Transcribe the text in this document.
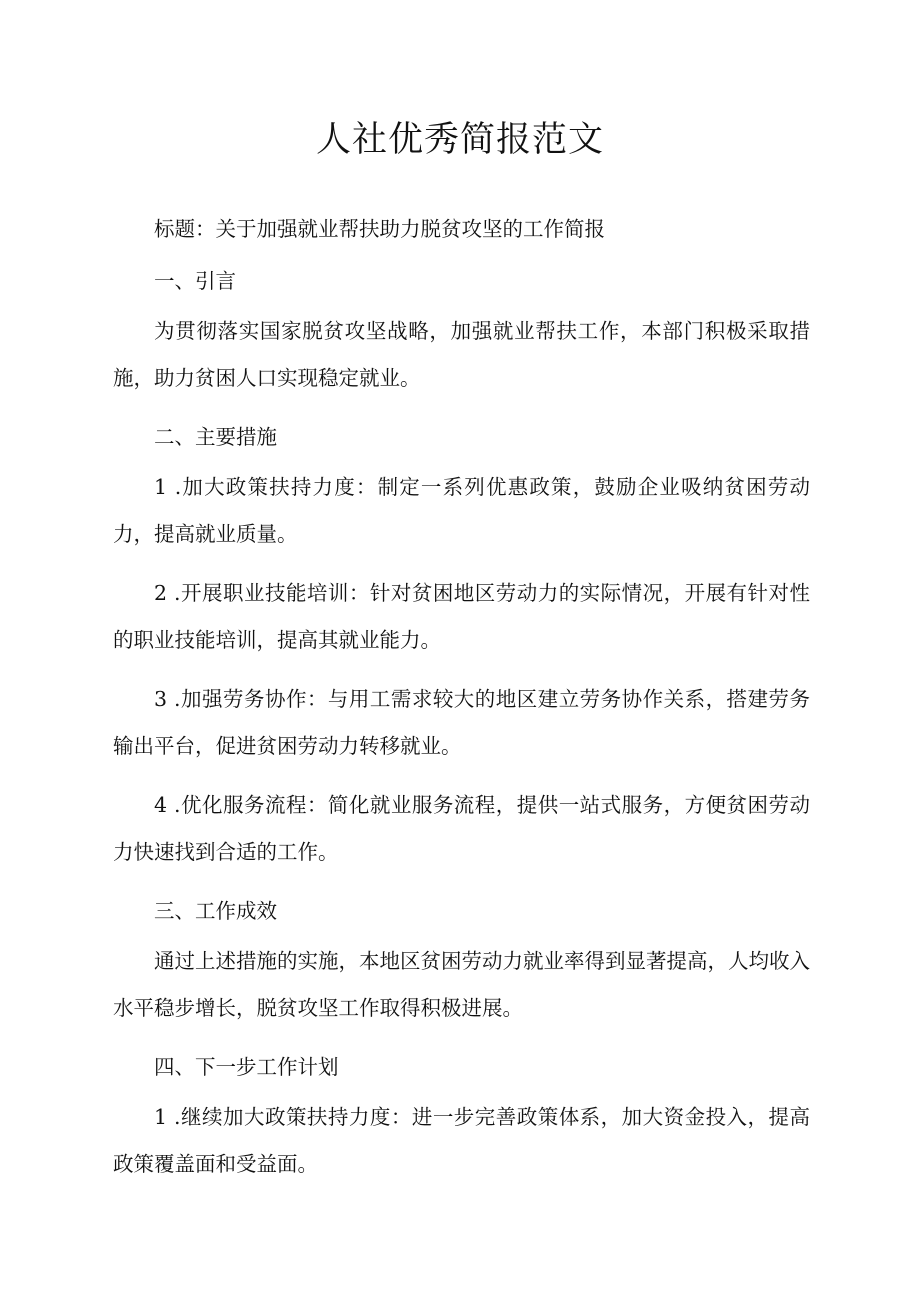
人社优秀简报范文

标题：关于加强就业帮扶助力脱贫攻坚的工作简报

一、引言

为贯彻落实国家脱贫攻坚战略，加强就业帮扶工作，本部门积极采取措施，助力贫困人口实现稳定就业。

二、主要措施

1 .加大政策扶持力度：制定一系列优惠政策，鼓励企业吸纳贫困劳动力，提高就业质量。

2 .开展职业技能培训：针对贫困地区劳动力的实际情况，开展有针对性的职业技能培训，提高其就业能力。

3 .加强劳务协作：与用工需求较大的地区建立劳务协作关系，搭建劳务输出平台，促进贫困劳动力转移就业。

4 .优化服务流程：简化就业服务流程，提供一站式服务，方便贫困劳动力快速找到合适的工作。

三、工作成效

通过上述措施的实施，本地区贫困劳动力就业率得到显著提高，人均收入水平稳步增长，脱贫攻坚工作取得积极进展。

四、下一步工作计划

1 .继续加大政策扶持力度：进一步完善政策体系，加大资金投入，提高政策覆盖面和受益面。
